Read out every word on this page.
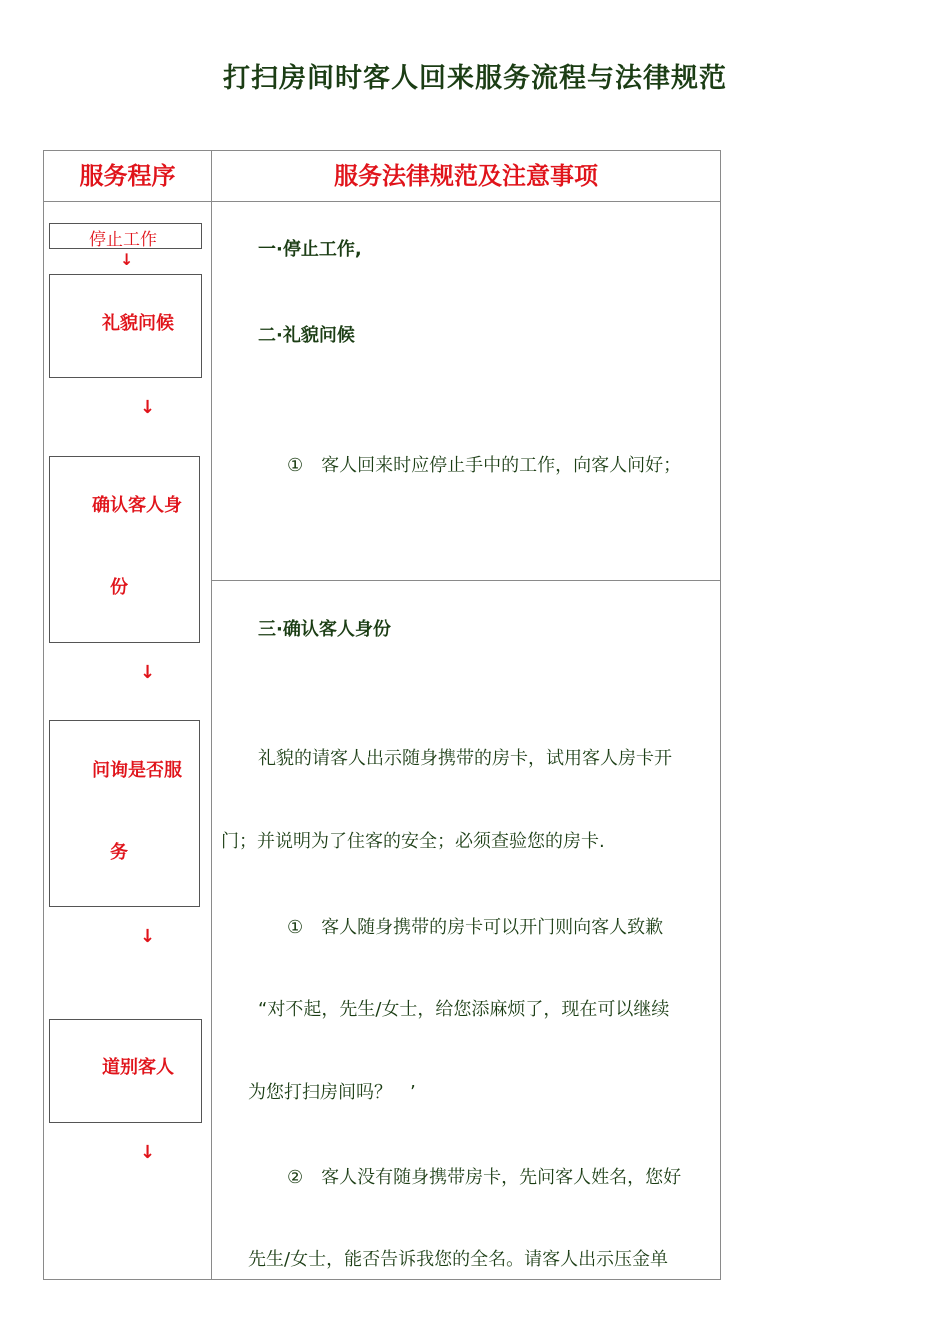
打扫房间时客人回来服务流程与法律规范
服务程序	服务法律规范及注意事项
停止工作
↓
礼貌问候
↓
确认客人身
份
↓
问询是否服
务
↓
道别客人
↓
一·停止工作,
二·礼貌问候
①　客人回来时应停止手中的工作，向客人问好；
三·确认客人身份
礼貌的请客人出示随身携带的房卡，试用客人房卡开
门；并说明为了住客的安全；必须查验您的房卡.
①　客人随身携带的房卡可以开门则向客人致歉
“对不起，先生/女士，给您添麻烦了，现在可以继续
为您打扫房间吗？　’
②　客人没有随身携带房卡，先问客人姓名，您好
先生/女士，能否告诉我您的全名。请客人出示压金单
